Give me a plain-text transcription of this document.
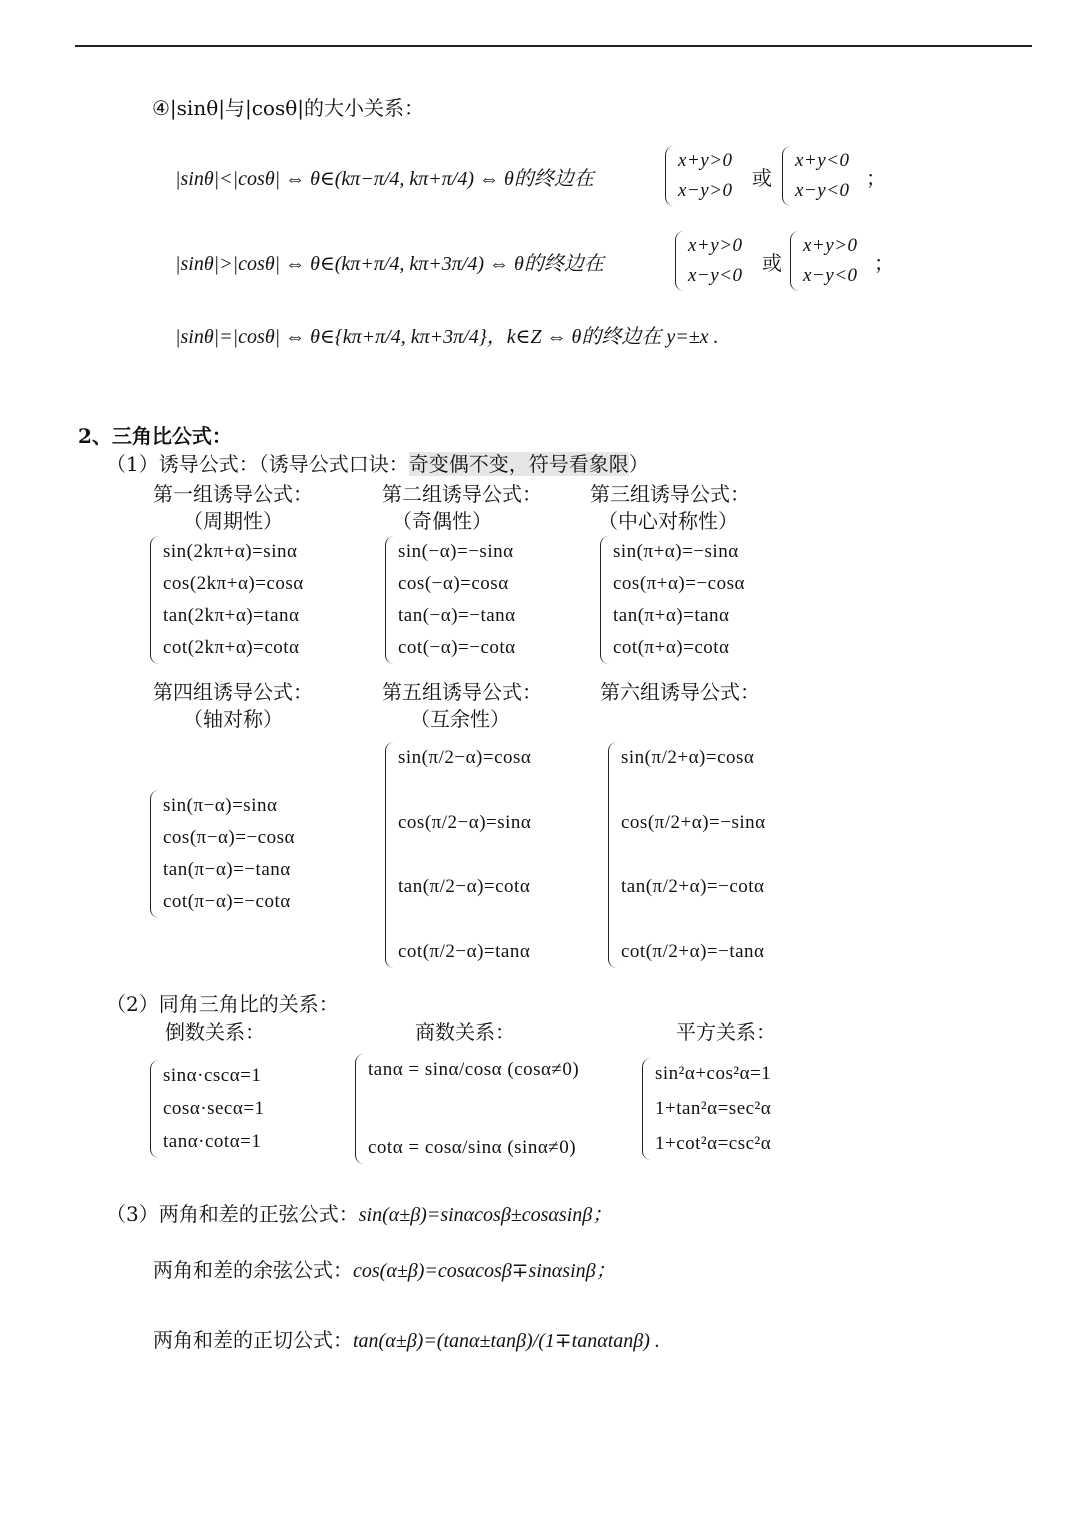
④|sinθ|与|cosθ|的大小关系：
|sinθ|<|cosθ| ⇔ θ∈(kπ−π/4, kπ+π/4) ⇔ θ的终边在
x+y>0
x−y>0
或
x+y<0
x−y<0
；
|sinθ|>|cosθ| ⇔ θ∈(kπ+π/4, kπ+3π/4) ⇔ θ的终边在
x+y>0
x−y<0
或
x+y>0
x−y<0
；
|sinθ|=|cosθ| ⇔ θ∈{kπ+π/4, kπ+3π/4}，k∈Z ⇔ θ的终边在 y=±x .
2、三角比公式：
（1）诱导公式：（诱导公式口诀：奇变偶不变，符号看象限）
第一组诱导公式：
（周期性）
第二组诱导公式：
（奇偶性）
第三组诱导公式：
（中心对称性）
sin(2kπ+α)=sinα
cos(2kπ+α)=cosα
tan(2kπ+α)=tanα
cot(2kπ+α)=cotα
sin(−α)=−sinα
cos(−α)=cosα
tan(−α)=−tanα
cot(−α)=−cotα
sin(π+α)=−sinα
cos(π+α)=−cosα
tan(π+α)=tanα
cot(π+α)=cotα
第四组诱导公式：
（轴对称）
第五组诱导公式：
（互余性）
第六组诱导公式：
sin(π−α)=sinα
cos(π−α)=−cosα
tan(π−α)=−tanα
cot(π−α)=−cotα
sin(π/2−α)=cosα
cos(π/2−α)=sinα
tan(π/2−α)=cotα
cot(π/2−α)=tanα
sin(π/2+α)=cosα
cos(π/2+α)=−sinα
tan(π/2+α)=−cotα
cot(π/2+α)=−tanα
（2）同角三角比的关系：
倒数关系：	商数关系：	平方关系：
sinα·cscα=1
cosα·secα=1
tanα·cotα=1
tanα = sinα/cosα (cosα≠0)
cotα = cosα/sinα (sinα≠0)
sin²α+cos²α=1
1+tan²α=sec²α
1+cot²α=csc²α
（3）两角和差的正弦公式：sin(α±β)=sinαcosβ±cosαsinβ；
两角和差的余弦公式：cos(α±β)=cosαcosβ∓sinαsinβ；
两角和差的正切公式：tan(α±β)=(tanα±tanβ)/(1∓tanαtanβ) .
